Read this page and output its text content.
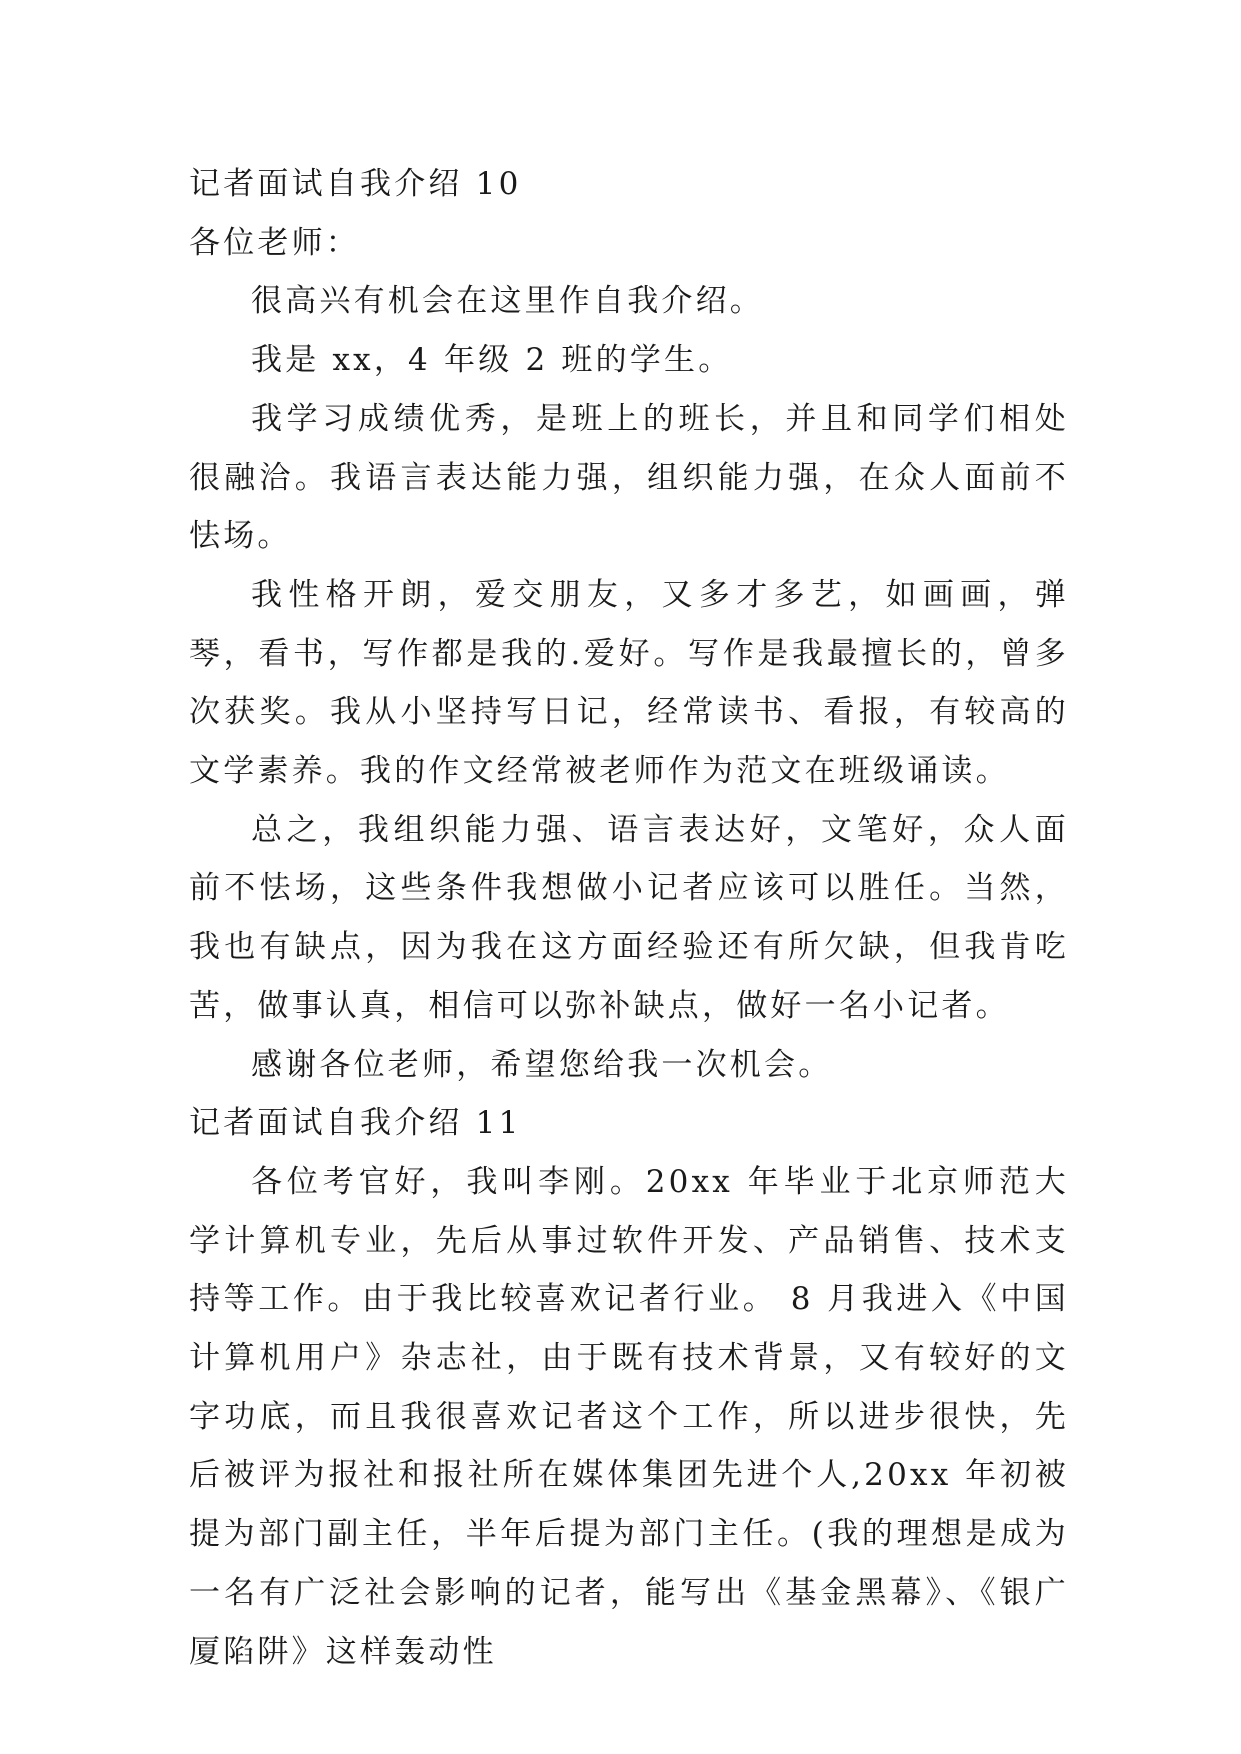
记者面试自我介绍 10

各位老师：

很高兴有机会在这里作自我介绍。

我是 xx，4 年级 2 班的学生。

我学习成绩优秀，是班上的班长，并且和同学们相处很融洽。我语言表达能力强，组织能力强，在众人面前不怯场。

我性格开朗，爱交朋友，又多才多艺，如画画，弹琴，看书，写作都是我的.爱好。写作是我最擅长的，曾多次获奖。我从小坚持写日记，经常读书、看报，有较高的文学素养。我的作文经常被老师作为范文在班级诵读。

总之，我组织能力强、语言表达好，文笔好，众人面前不怯场，这些条件我想做小记者应该可以胜任。当然，我也有缺点，因为我在这方面经验还有所欠缺，但我肯吃苦，做事认真，相信可以弥补缺点，做好一名小记者。

感谢各位老师，希望您给我一次机会。

记者面试自我介绍 11

各位考官好，我叫李刚。20xx 年毕业于北京师范大学计算机专业，先后从事过软件开发、产品销售、技术支持等工作。由于我比较喜欢记者行业。 8 月我进入《中国计算机用户》杂志社，由于既有技术背景，又有较好的文字功底，而且我很喜欢记者这个工作，所以进步很快，先后被评为报社和报社所在媒体集团先进个人,20xx 年初被提为部门副主任，半年后提为部门主任。(我的理想是成为一名有广泛社会影响的记者，能写出《基金黑幕》、《银广厦陷阱》这样轰动性
